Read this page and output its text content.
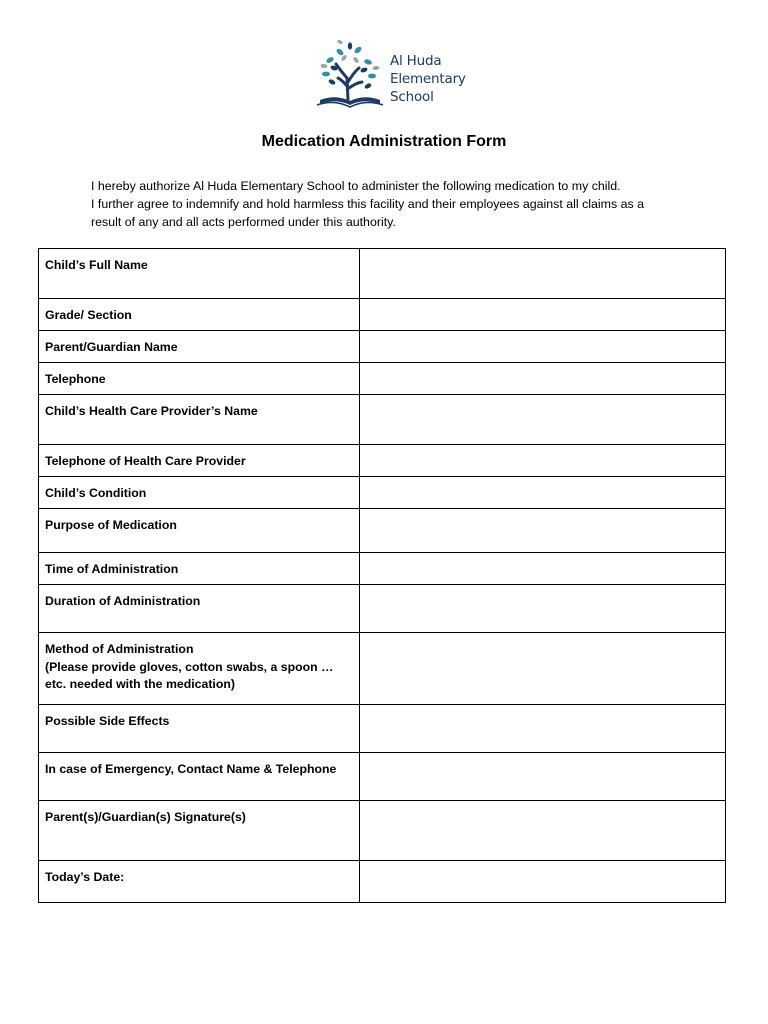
Al Huda
Elementary
School
Medication Administration Form

I hereby authorize Al Huda Elementary School to administer the following medication to my child.

I further agree to indemnify and hold harmless this facility and their employees against all claims as a

result of any and all acts performed under this authority.

Child’s Full Name	

Grade/ Section	

Parent/Guardian Name	

Telephone	

Child’s Health Care Provider’s Name	

Telephone of Health Care Provider	

Child’s Condition	

Purpose of Medication	

Time of Administration	

Duration of Administration	

Method of Administration
(Please provide gloves, cotton swabs, a spoon …
etc. needed with the medication)	

Possible Side Effects	

In case of Emergency, Contact Name & Telephone	

Parent(s)/Guardian(s) Signature(s)	

Today’s Date:	
